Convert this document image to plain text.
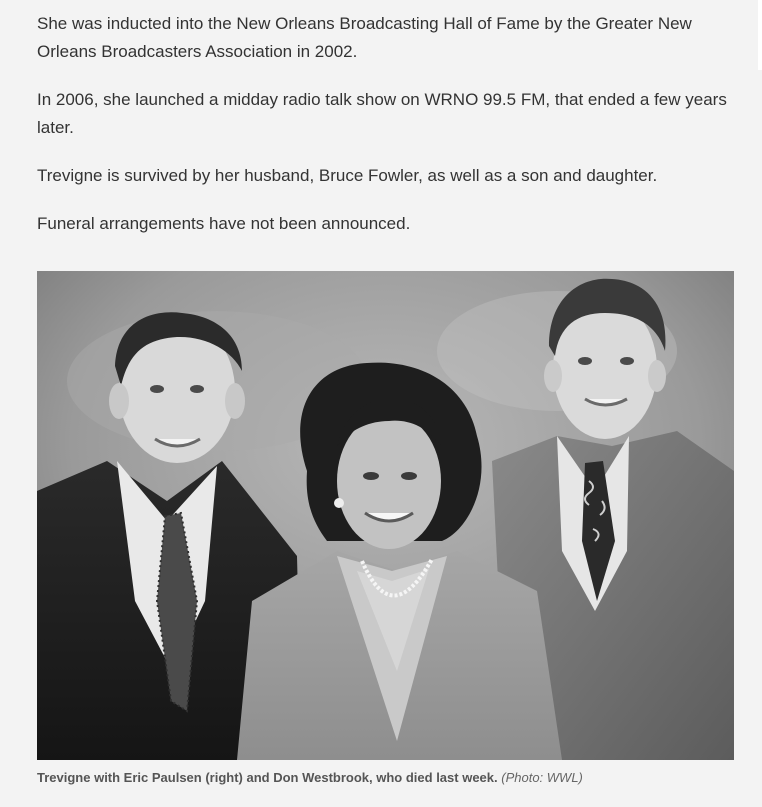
She was inducted into the New Orleans Broadcasting Hall of Fame by the Greater New Orleans Broadcasters Association in 2002.

In 2006, she launched a midday radio talk show on WRNO 99.5 FM, that ended a few years later.

Trevigne is survived by her husband, Bruce Fowler, as well as a son and daughter.

Funeral arrangements have not been announced.

Trevigne with Eric Paulsen (right) and Don Westbrook, who died last week. (Photo: WWL)
